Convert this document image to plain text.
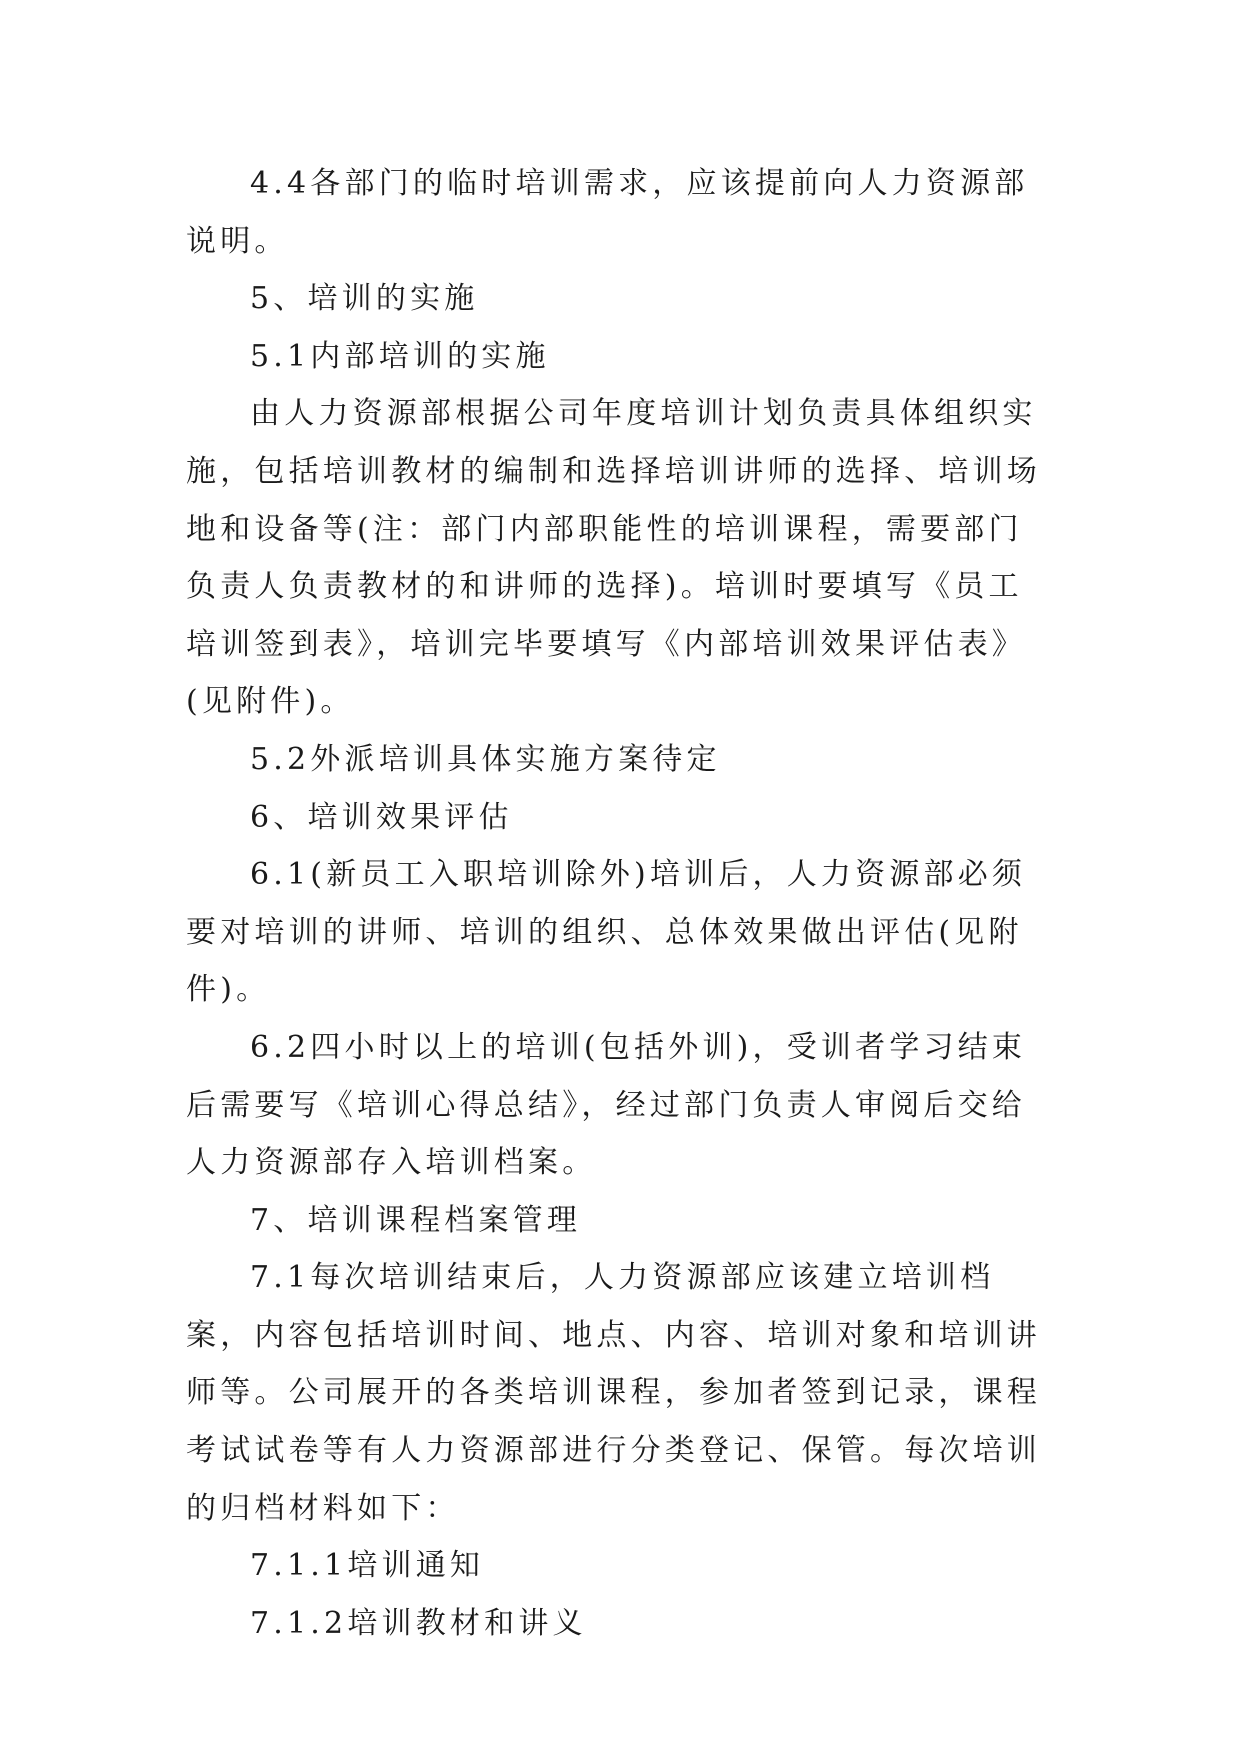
4.4各部门的临时培训需求，应该提前向人力资源部说明。

5、培训的实施

5.1内部培训的实施

由人力资源部根据公司年度培训计划负责具体组织实施，包括培训教材的编制和选择培训讲师的选择、培训场地和设备等(注：部门内部职能性的培训课程，需要部门负责人负责教材的和讲师的选择)。培训时要填写《员工培训签到表》，培训完毕要填写《内部培训效果评估表》(见附件)。

5.2外派培训具体实施方案待定

6、培训效果评估

6.1(新员工入职培训除外)培训后，人力资源部必须要对培训的讲师、培训的组织、总体效果做出评估(见附件)。

6.2四小时以上的培训(包括外训)，受训者学习结束后需要写《培训心得总结》，经过部门负责人审阅后交给人力资源部存入培训档案。

7、培训课程档案管理

7.1每次培训结束后，人力资源部应该建立培训档案，内容包括培训时间、地点、内容、培训对象和培训讲师等。公司展开的各类培训课程，参加者签到记录，课程考试试卷等有人力资源部进行分类登记、保管。每次培训的归档材料如下：

7.1.1培训通知

7.1.2培训教材和讲义
